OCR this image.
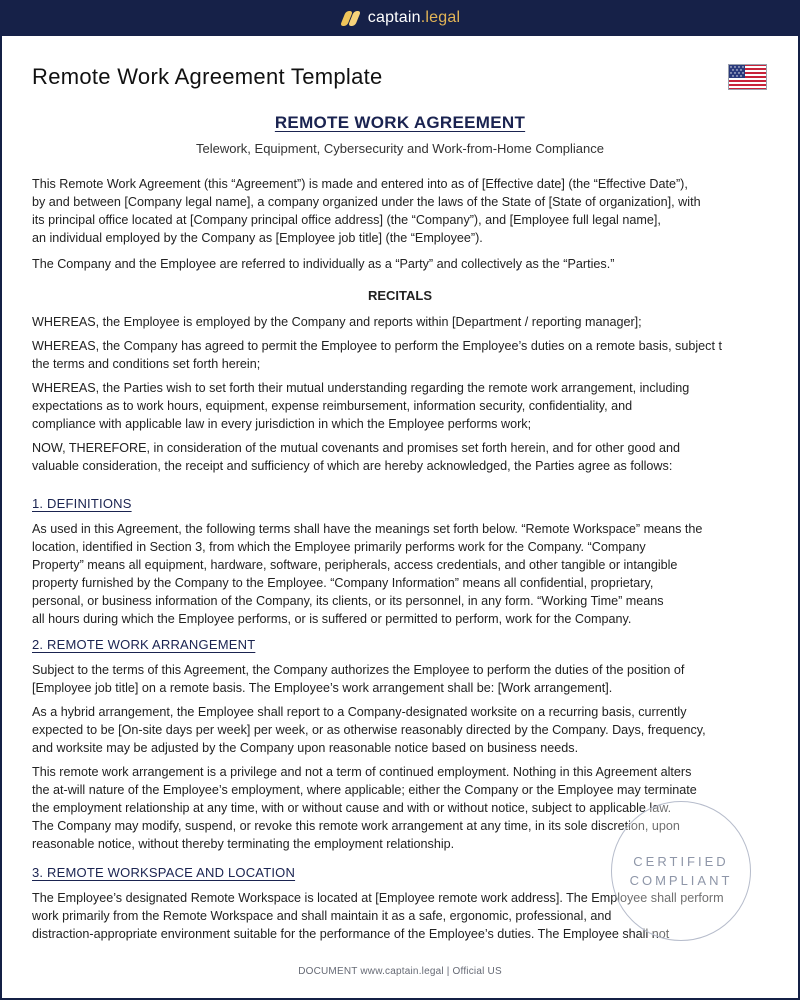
captain.legal
Remote Work Agreement Template
REMOTE WORK AGREEMENT
Telework, Equipment, Cybersecurity and Work-from-Home Compliance

This Remote Work Agreement (this “Agreement”) is made and entered into as of [Effective date] (the “Effective Date”),

by and between [Company legal name], a company organized under the laws of the State of [State of organization], with

its principal office located at [Company principal office address] (the “Company”), and [Employee full legal name],

an individual employed by the Company as [Employee job title] (the “Employee”).

The Company and the Employee are referred to individually as a “Party” and collectively as the “Parties.”

RECITALS

WHEREAS, the Employee is employed by the Company and reports within [Department / reporting manager];

WHEREAS, the Company has agreed to permit the Employee to perform the Employee’s duties on a remote basis, subject t

the terms and conditions set forth herein;

WHEREAS, the Parties wish to set forth their mutual understanding regarding the remote work arrangement, including

expectations as to work hours, equipment, expense reimbursement, information security, confidentiality, and

compliance with applicable law in every jurisdiction in which the Employee performs work;

NOW, THEREFORE, in consideration of the mutual covenants and promises set forth herein, and for other good and

valuable consideration, the receipt and sufficiency of which are hereby acknowledged, the Parties agree as follows:

1. DEFINITIONS

As used in this Agreement, the following terms shall have the meanings set forth below. “Remote Workspace” means the

location, identified in Section 3, from which the Employee primarily performs work for the Company. “Company

Property” means all equipment, hardware, software, peripherals, access credentials, and other tangible or intangible

property furnished by the Company to the Employee. “Company Information” means all confidential, proprietary,

personal, or business information of the Company, its clients, or its personnel, in any form. “Working Time” means

all hours during which the Employee performs, or is suffered or permitted to perform, work for the Company.

2. REMOTE WORK ARRANGEMENT

Subject to the terms of this Agreement, the Company authorizes the Employee to perform the duties of the position of

[Employee job title] on a remote basis. The Employee’s work arrangement shall be: [Work arrangement].

As a hybrid arrangement, the Employee shall report to a Company-designated worksite on a recurring basis, currently

expected to be [On-site days per week] per week, or as otherwise reasonably directed by the Company. Days, frequency,

and worksite may be adjusted by the Company upon reasonable notice based on business needs.

This remote work arrangement is a privilege and not a term of continued employment. Nothing in this Agreement alters

the at-will nature of the Employee’s employment, where applicable; either the Company or the Employee may terminate

the employment relationship at any time, with or without cause and with or without notice, subject to applicable law.

The Company may modify, suspend, or revoke this remote work arrangement at any time, in its sole discretion, upon

reasonable notice, without thereby terminating the employment relationship.

3. REMOTE WORKSPACE AND LOCATION

The Employee’s designated Remote Workspace is located at [Employee remote work address]. The Employee shall perform

work primarily from the Remote Workspace and shall maintain it as a safe, ergonomic, professional, and

distraction-appropriate environment suitable for the performance of the Employee’s duties. The Employee shall not

CERTIFIED
COMPLIANT
DOCUMENT www.captain.legal | Official US
